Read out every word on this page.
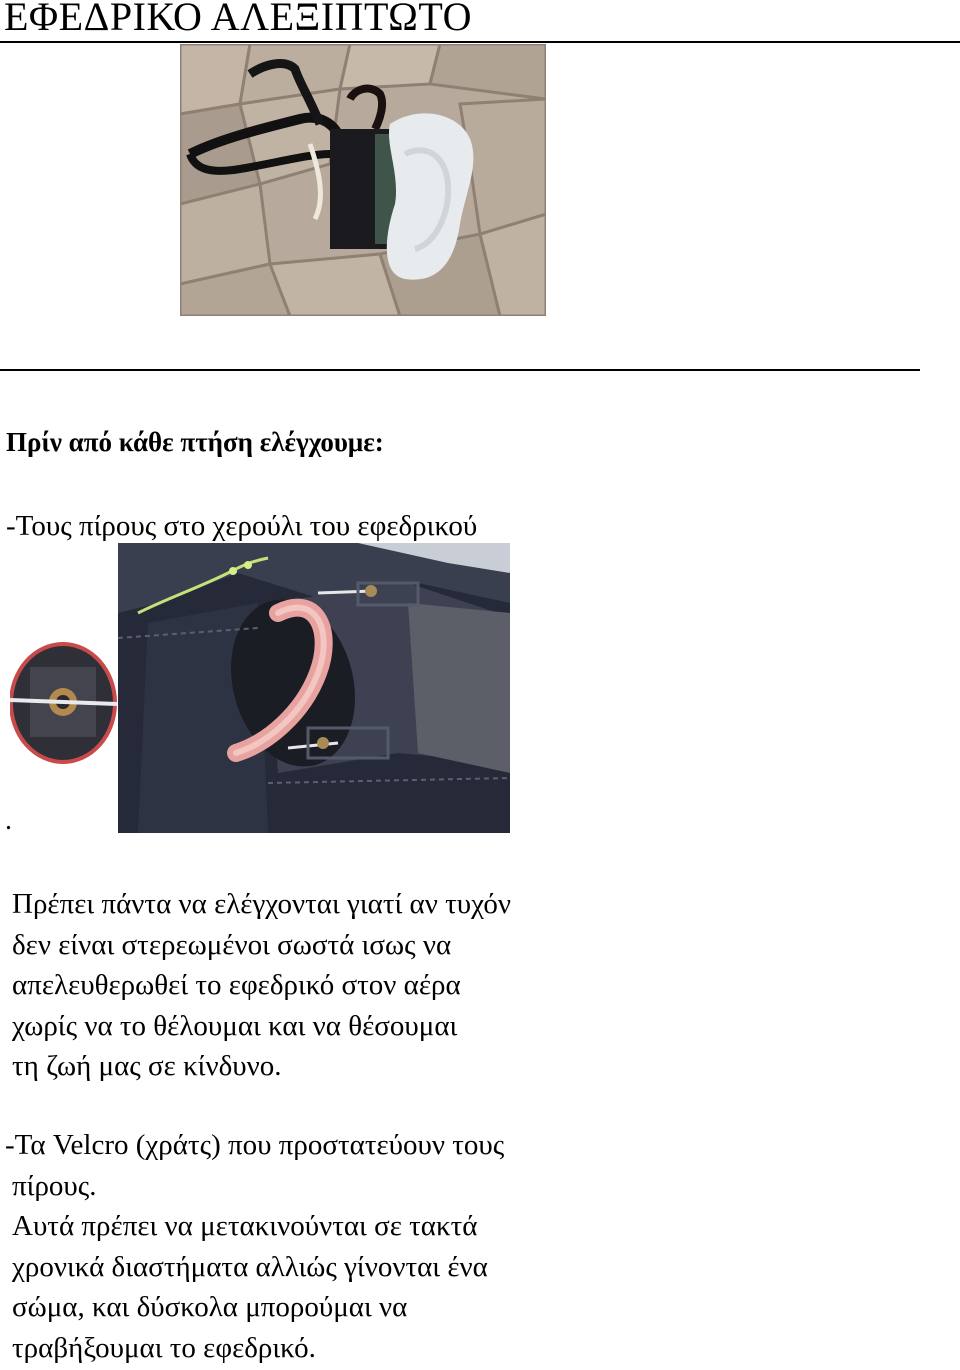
ΕΦΕΔΡΙΚΟ ΑΛΕΞΙΠΤΩΤΟ
Πρίν από κάθε πτήση ελέγχουμε:
-Τους πίρους στο χερούλι του εφεδρικού
.
Πρέπει πάντα να ελέγχονται γιατί αν τυχόν
δεν είναι στερεωμένοι σωστά ισως να
απελευθερωθεί το εφεδρικό στον αέρα
χωρίς να το θέλουμαι και να θέσουμαι
τη ζωή μας σε κίνδυνο.
-Τα Velcro (χράτς) που προστατεύουν τους
πίρους.
Αυτά πρέπει να μετακινούνται σε τακτά
χρονικά διαστήματα αλλιώς γίνονται ένα
σώμα, και δύσκολα μπορούμαι να
τραβήξουμαι το εφεδρικό.
